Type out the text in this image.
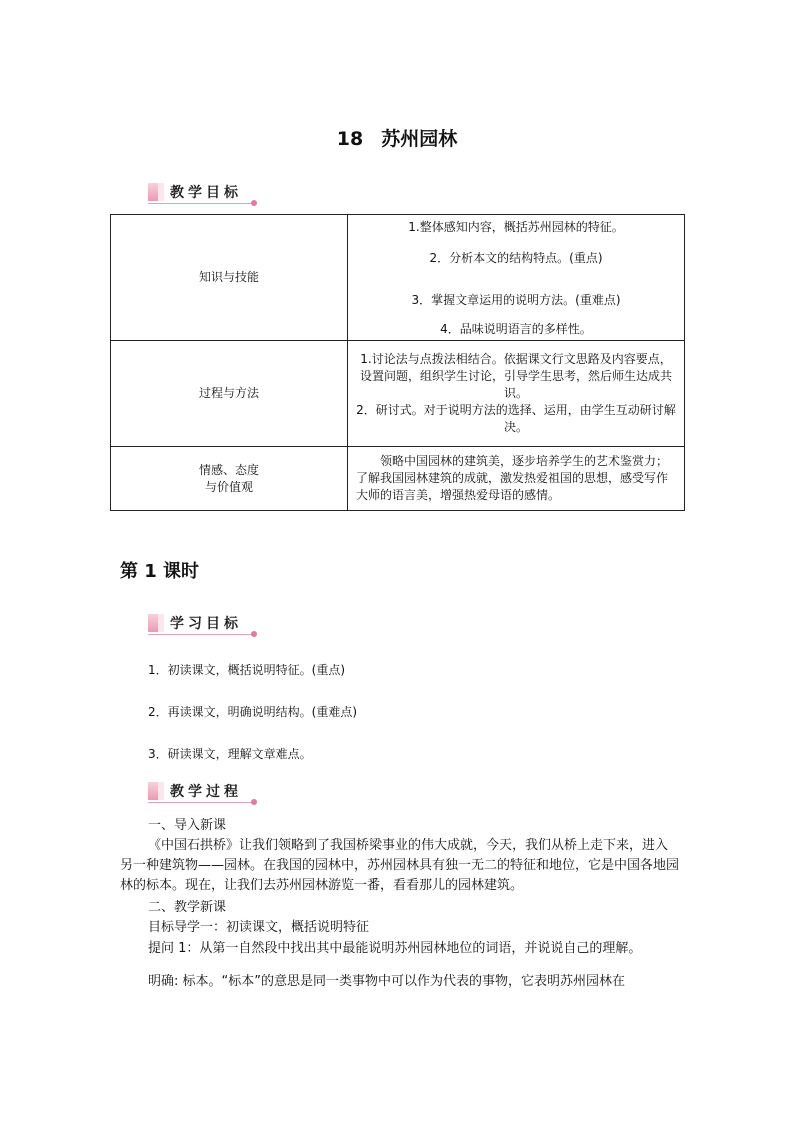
18 苏州园林
教学目标
知识与技能	1.整体感知内容，概括苏州园林的特征。
2．分析本文的结构特点。(重点)
3．掌握文章运用的说明方法。(重难点)
4．品味说明语言的多样性。

过程与方法	1.讨论法与点拨法相结合。依据课文行文思路及内容要点，设置问题，组织学生讨论，引导学生思考，然后师生达成共识。
2．研讨式。对于说明方法的选择、运用，由学生互动研讨解决。

情感、态度
与价值观	领略中国园林的建筑美，逐步培养学生的艺术鉴赏力；了解我国园林建筑的成就，激发热爱祖国的思想，感受写作大师的语言美，增强热爱母语的感情。
第 1 课时
学习目标
1．初读课文，概括说明特征。(重点)
2．再读课文，明确说明结构。(重难点)
3．研读课文，理解文章难点。
教学过程
一、导入新课
《中国石拱桥》让我们领略到了我国桥梁事业的伟大成就，今天，我们从桥上走下来，进入另一种建筑物——园林。在我国的园林中，苏州园林具有独一无二的特征和地位，它是中国各地园林的标本。现在，让我们去苏州园林游览一番，看看那儿的园林建筑。
二、教学新课
目标导学一：初读课文，概括说明特征
提问 1：从第一自然段中找出其中最能说明苏州园林地位的词语，并说说自己的理解。
明确: 标本。“标本”的意思是同一类事物中可以作为代表的事物，它表明苏州园林在
